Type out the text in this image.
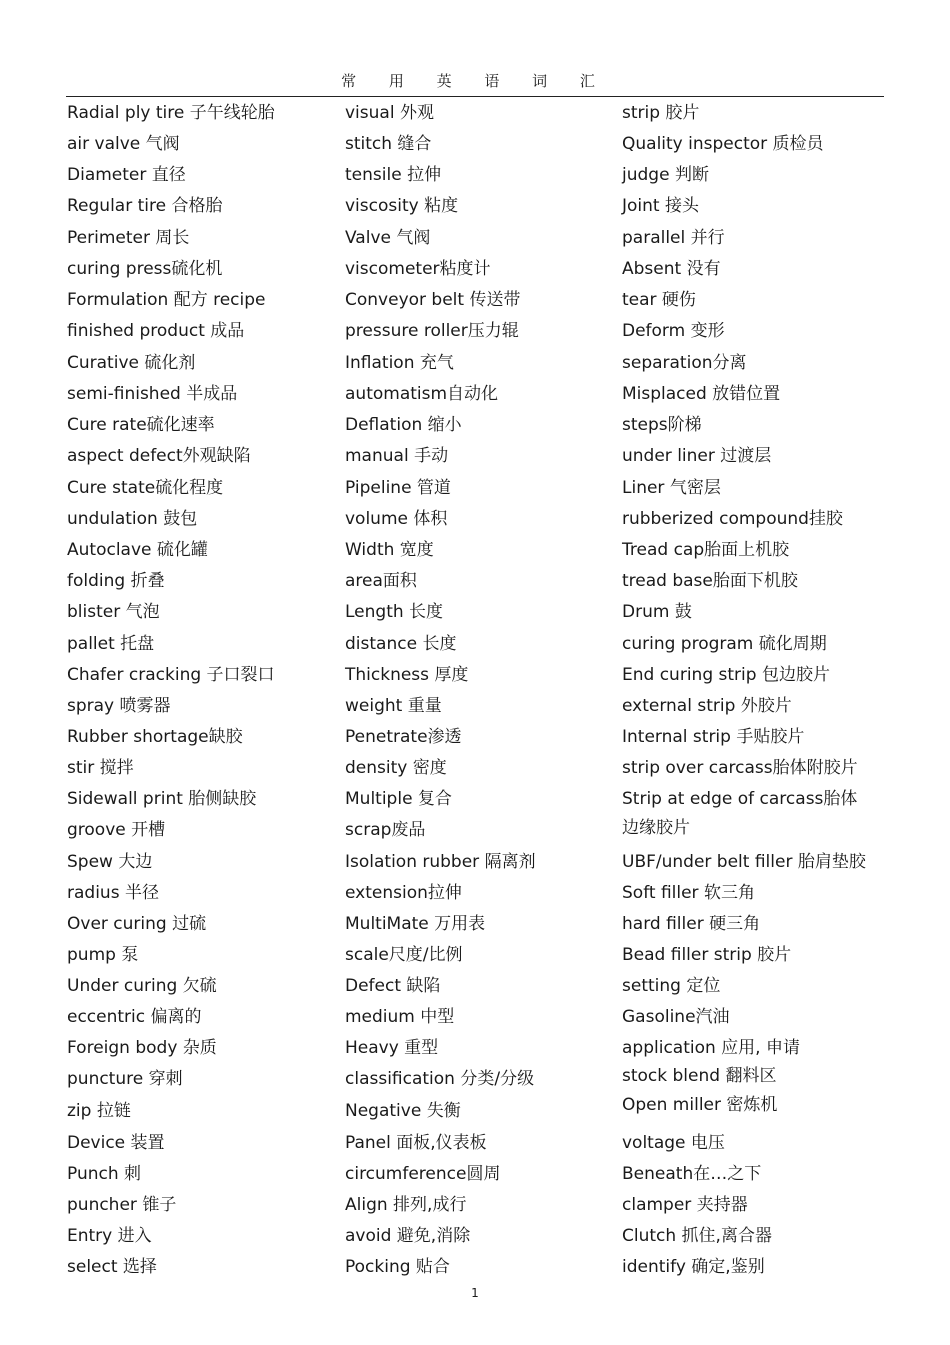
常 用 英 语 词 汇
Radial ply tire 子午线轮胎
air valve 气阀
Diameter 直径
Regular tire 合格胎
Perimeter 周长
curing press硫化机
Formulation 配方 recipe
finished product 成品
Curative 硫化剂
semi-finished 半成品
Cure rate硫化速率
aspect defect外观缺陷
Cure state硫化程度
undulation 鼓包
Autoclave 硫化罐
folding 折叠
blister 气泡
pallet 托盘
Chafer cracking 子口裂口
spray 喷雾器
Rubber shortage缺胶
stir 搅拌
Sidewall print 胎侧缺胶
groove 开槽
Spew 大边
radius 半径
Over curing 过硫
pump 泵
Under curing 欠硫
eccentric 偏离的
Foreign body 杂质
puncture 穿刺
zip 拉链
Device 装置
Punch 刺
puncher 锥子
Entry 进入
select 选择
visual 外观
stitch 缝合
tensile 拉伸
viscosity 粘度
Valve 气阀
viscometer粘度计
Conveyor belt 传送带
pressure roller压力辊
Inflation 充气
automatism自动化
Deflation 缩小
manual 手动
Pipeline 管道
volume 体积
Width 宽度
area面积
Length 长度
distance 长度
Thickness 厚度
weight 重量
Penetrate渗透
density 密度
Multiple 复合
scrap废品
Isolation rubber 隔离剂
extension拉伸
MultiMate 万用表
scale尺度/比例
Defect 缺陷
medium 中型
Heavy 重型
classification 分类/分级
Negative 失衡
Panel 面板,仪表板
circumference圆周
Align 排列,成行
avoid 避免,消除
Pocking 贴合
strip 胶片
Quality inspector 质检员
judge 判断
Joint 接头
parallel 并行
Absent 没有
tear 硬伤
Deform 变形
separation分离
Misplaced 放错位置
steps阶梯
under liner 过渡层
Liner 气密层
rubberized compound挂胶
Tread cap胎面上机胶
tread base胎面下机胶
Drum 鼓
curing program 硫化周期
End curing strip 包边胶片
external strip 外胶片
Internal strip 手贴胶片
strip over carcass胎体附胶片
Strip at edge of carcass胎体边缘胶片
UBF/under belt filler 胎肩垫胶
Soft filler 软三角
hard filler 硬三角
Bead filler strip 胶片
setting 定位
Gasoline汽油
application 应用, 申请
stock blend 翻料区
Open miller 密炼机
voltage 电压
Beneath在…之下
clamper 夹持器
Clutch 抓住,离合器
identify 确定,鉴别
1
